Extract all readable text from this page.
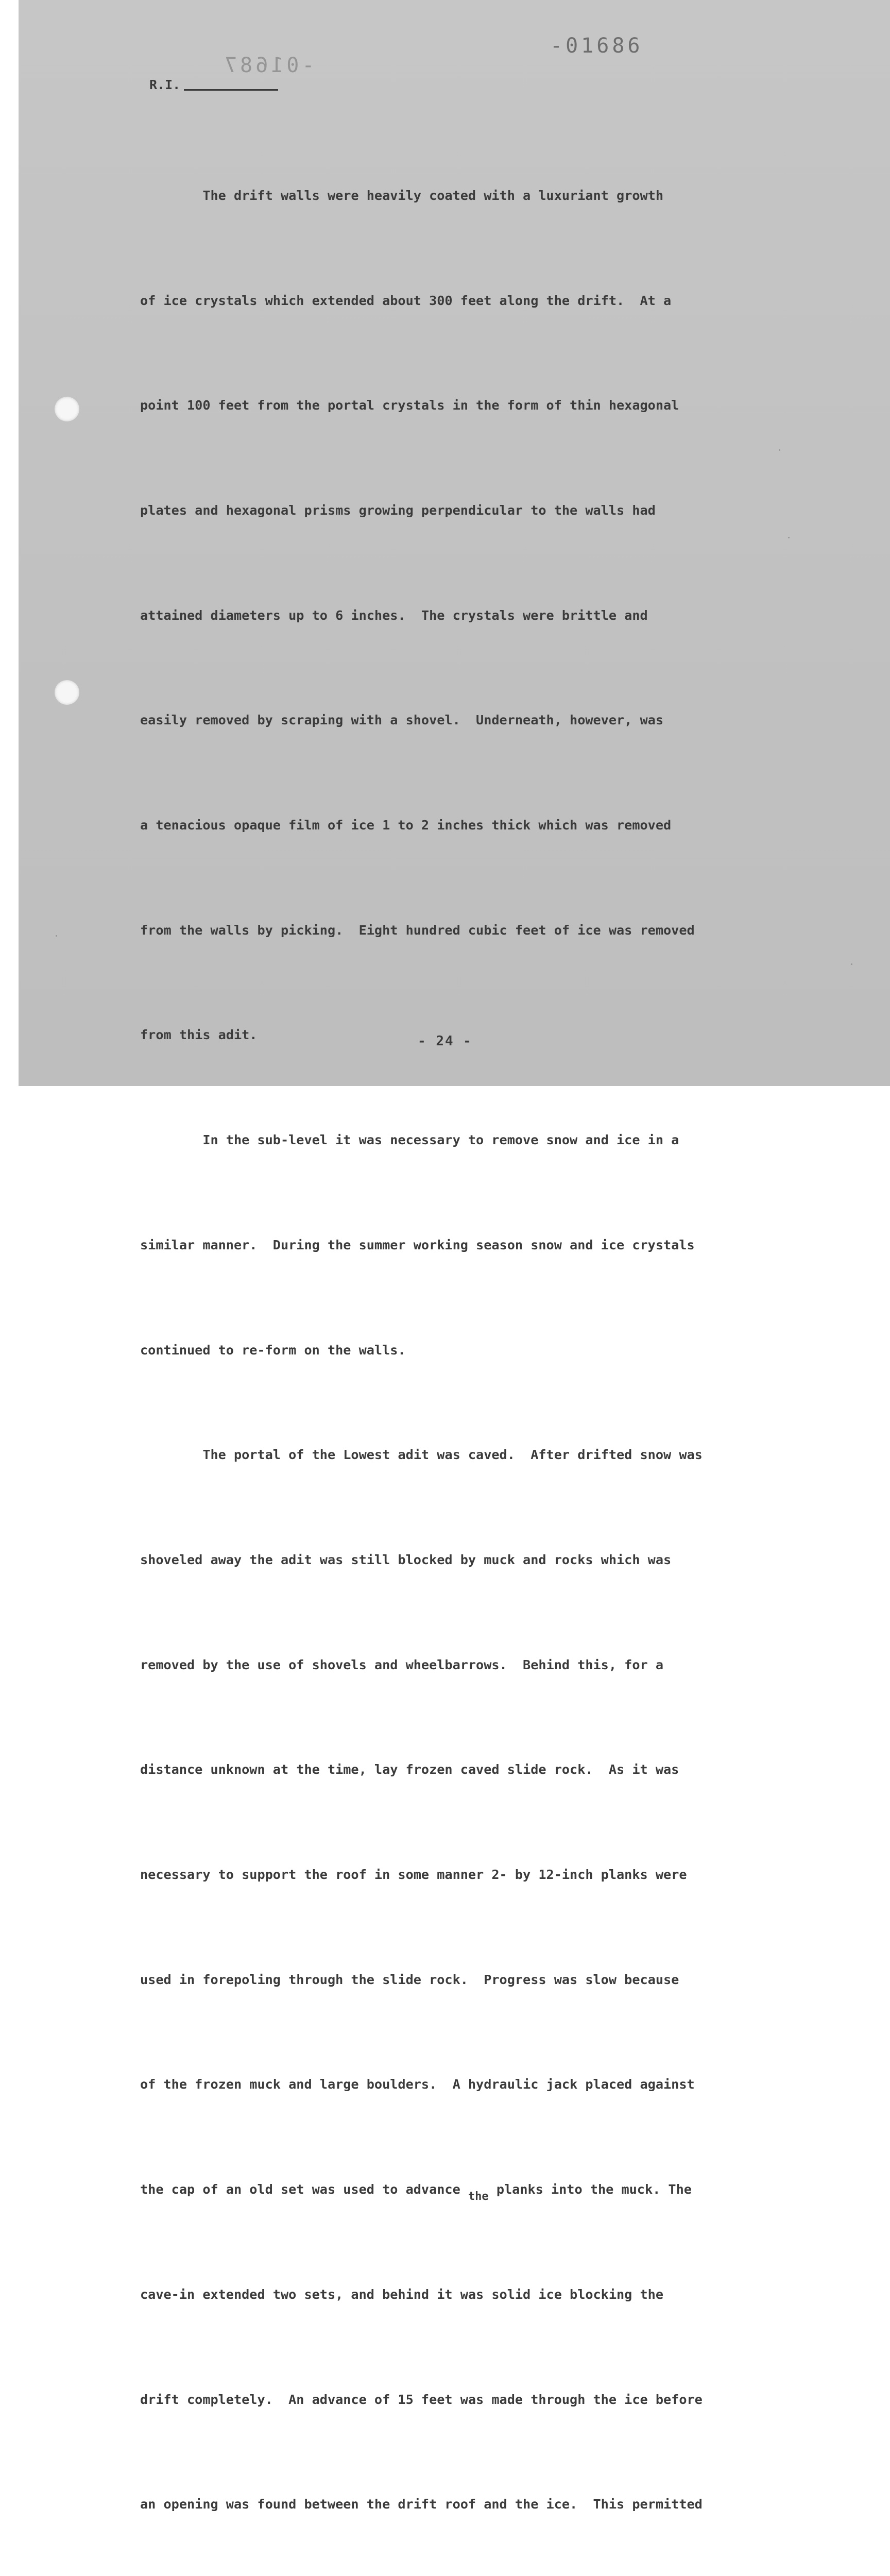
-01686
-01687
R.I.

The drift walls were heavily coated with a luxuriant growth

of ice crystals which extended about 300 feet along the drift.  At a

point 100 feet from the portal crystals in the form of thin hexagonal

plates and hexagonal prisms growing perpendicular to the walls had

attained diameters up to 6 inches.  The crystals were brittle and

easily removed by scraping with a shovel.  Underneath, however, was

a tenacious opaque film of ice 1 to 2 inches thick which was removed

from the walls by picking.  Eight hundred cubic feet of ice was removed

from this adit.

In the sub-level it was necessary to remove snow and ice in a

similar manner.  During the summer working season snow and ice crystals

continued to re-form on the walls.

The portal of the Lowest adit was caved.  After drifted snow was

shoveled away the adit was still blocked by muck and rocks which was

removed by the use of shovels and wheelbarrows.  Behind this, for a

distance unknown at the time, lay frozen caved slide rock.  As it was

necessary to support the roof in some manner 2- by 12-inch planks were

used in forepoling through the slide rock.  Progress was slow because

of the frozen muck and large boulders.  A hydraulic jack placed against

the cap of an old set was used to advance the planks into the muck. The

cave-in extended two sets, and behind it was solid ice blocking the

drift completely.  An advance of 15 feet was made through the ice before

an opening was found between the drift roof and the ice.  This permitted

- 24 -
